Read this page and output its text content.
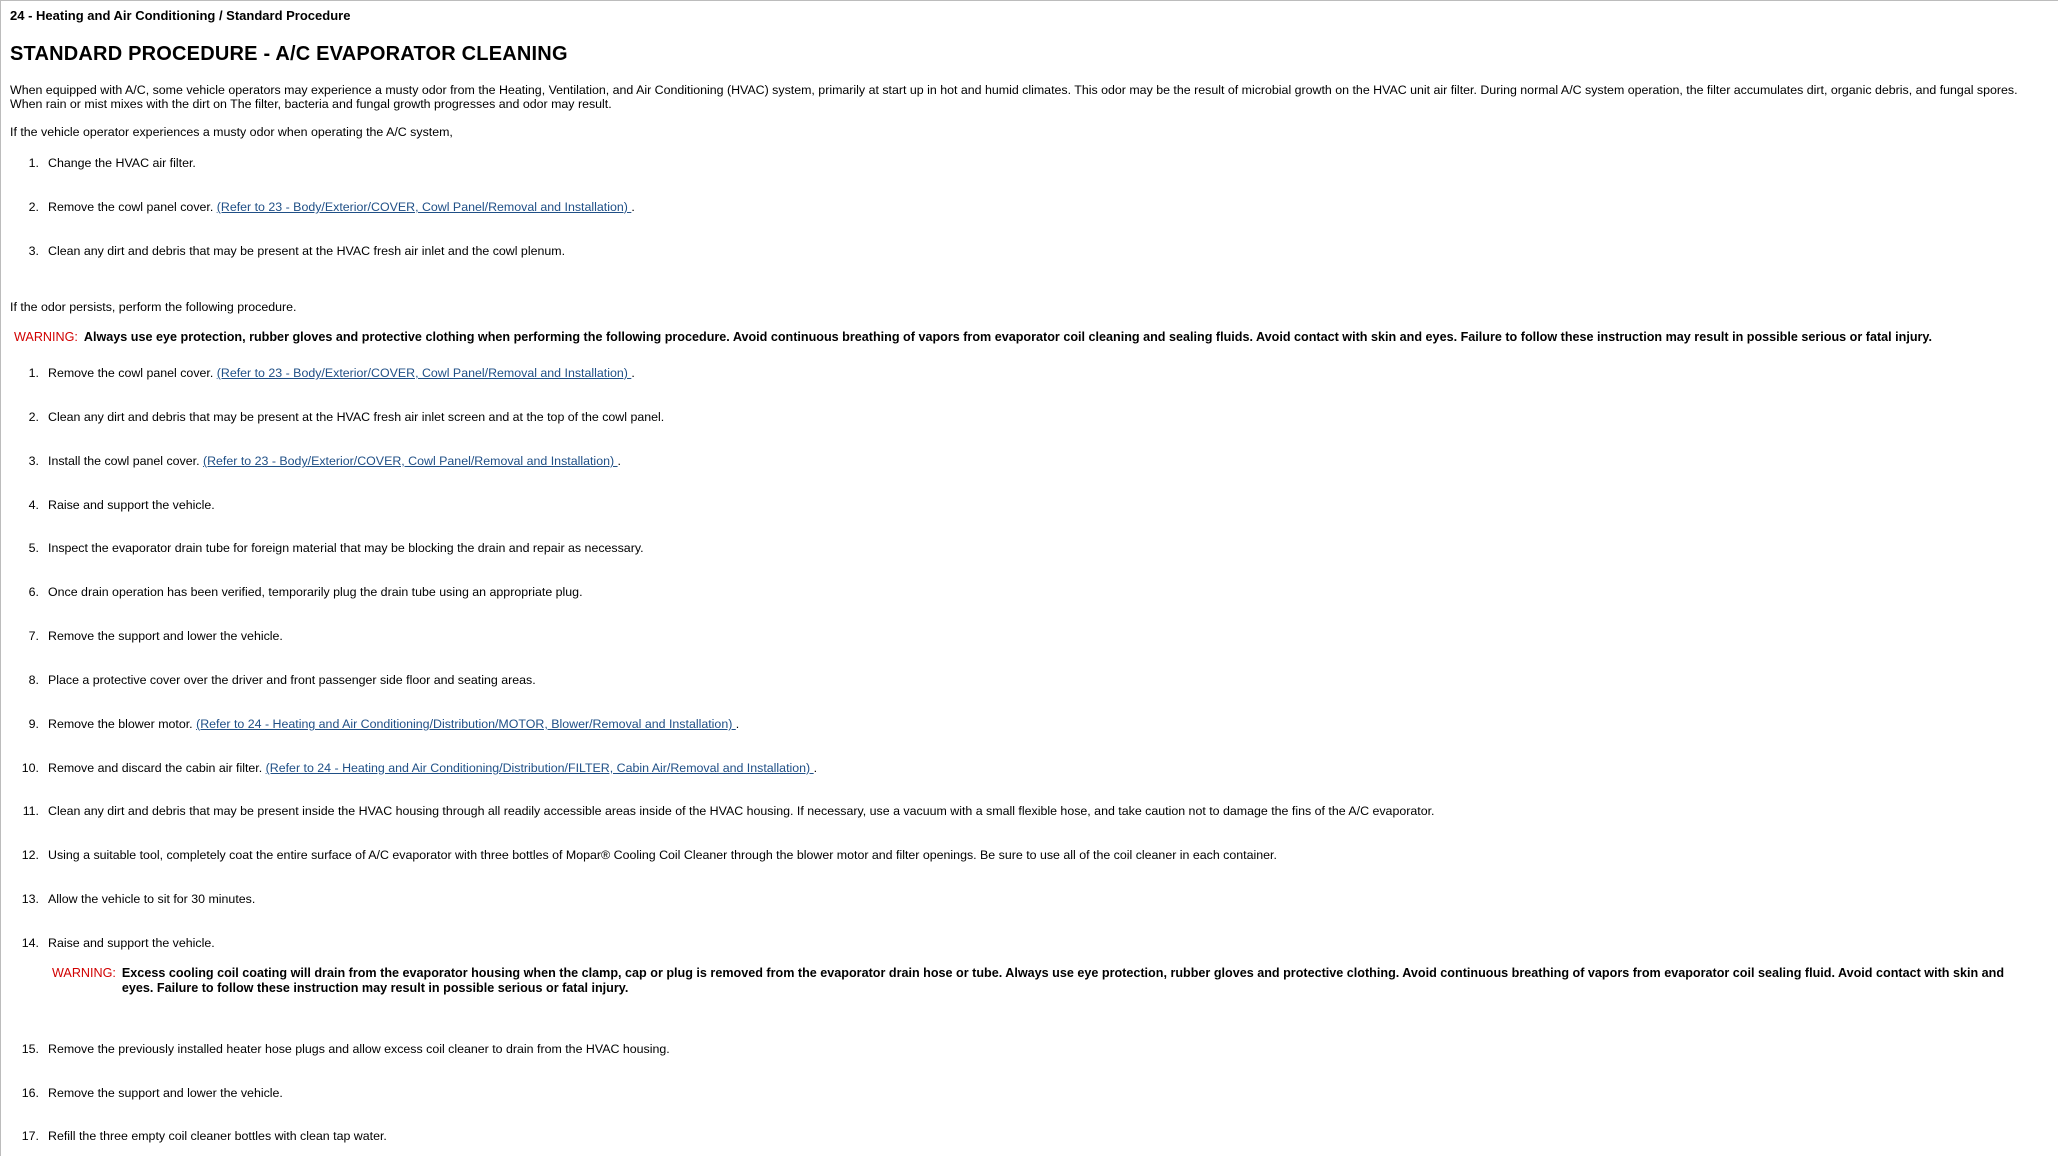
24 - Heating and Air Conditioning / Standard Procedure
STANDARD PROCEDURE - A/C EVAPORATOR CLEANING
When equipped with A/C, some vehicle operators may experience a musty odor from the Heating, Ventilation, and Air Conditioning (HVAC) system, primarily at start up in hot and humid climates. This odor may be the result of microbial growth on the HVAC unit air filter. During normal A/C system operation, the filter accumulates dirt, organic debris, and fungal spores. When rain or mist mixes with the dirt on The filter, bacteria and fungal growth progresses and odor may result.
If the vehicle operator experiences a musty odor when operating the A/C system,
1. Change the HVAC air filter.
2. Remove the cowl panel cover. (Refer to 23 - Body/Exterior/COVER, Cowl Panel/Removal and Installation) .
3. Clean any dirt and debris that may be present at the HVAC fresh air inlet and the cowl plenum.
If the odor persists, perform the following procedure.
WARNING: Always use eye protection, rubber gloves and protective clothing when performing the following procedure. Avoid continuous breathing of vapors from evaporator coil cleaning and sealing fluids. Avoid contact with skin and eyes. Failure to follow these instruction may result in possible serious or fatal injury.
1. Remove the cowl panel cover. (Refer to 23 - Body/Exterior/COVER, Cowl Panel/Removal and Installation) .
2. Clean any dirt and debris that may be present at the HVAC fresh air inlet screen and at the top of the cowl panel.
3. Install the cowl panel cover. (Refer to 23 - Body/Exterior/COVER, Cowl Panel/Removal and Installation) .
4. Raise and support the vehicle.
5. Inspect the evaporator drain tube for foreign material that may be blocking the drain and repair as necessary.
6. Once drain operation has been verified, temporarily plug the drain tube using an appropriate plug.
7. Remove the support and lower the vehicle.
8. Place a protective cover over the driver and front passenger side floor and seating areas.
9. Remove the blower motor. (Refer to 24 - Heating and Air Conditioning/Distribution/MOTOR, Blower/Removal and Installation) .
10. Remove and discard the cabin air filter. (Refer to 24 - Heating and Air Conditioning/Distribution/FILTER, Cabin Air/Removal and Installation) .
11. Clean any dirt and debris that may be present inside the HVAC housing through all readily accessible areas inside of the HVAC housing. If necessary, use a vacuum with a small flexible hose, and take caution not to damage the fins of the A/C evaporator.
12. Using a suitable tool, completely coat the entire surface of A/C evaporator with three bottles of Mopar® Cooling Coil Cleaner through the blower motor and filter openings. Be sure to use all of the coil cleaner in each container.
13. Allow the vehicle to sit for 30 minutes.
14. Raise and support the vehicle.
WARNING: Excess cooling coil coating will drain from the evaporator housing when the clamp, cap or plug is removed from the evaporator drain hose or tube. Always use eye protection, rubber gloves and protective clothing. Avoid continuous breathing of vapors from evaporator coil sealing fluid. Avoid contact with skin and eyes. Failure to follow these instruction may result in possible serious or fatal injury.
15. Remove the previously installed heater hose plugs and allow excess coil cleaner to drain from the HVAC housing.
16. Remove the support and lower the vehicle.
17. Refill the three empty coil cleaner bottles with clean tap water.
